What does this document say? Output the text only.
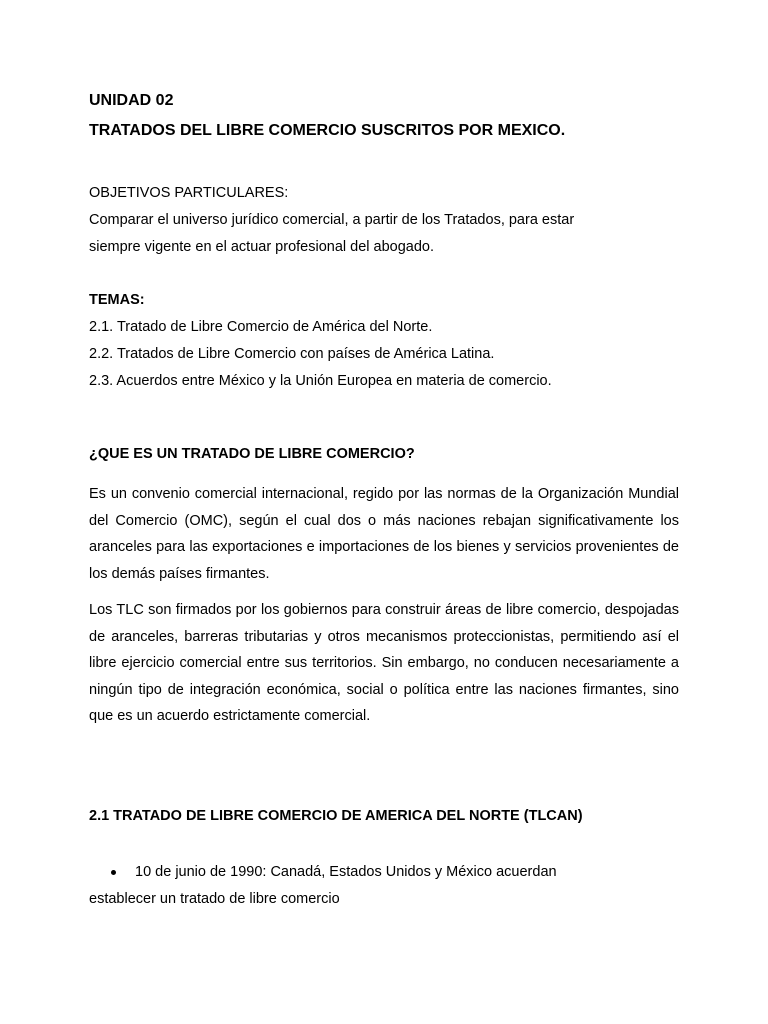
UNIDAD 02
TRATADOS DEL LIBRE COMERCIO SUSCRITOS POR MEXICO.
OBJETIVOS PARTICULARES:
Comparar el universo jurídico comercial, a partir de los Tratados, para estar
siempre vigente en el actuar profesional del abogado.
TEMAS:
2.1. Tratado de Libre Comercio de América del Norte.
2.2. Tratados de Libre Comercio con países de América Latina.
2.3. Acuerdos entre México y la Unión Europea en materia de comercio.
¿QUE ES UN TRATADO DE LIBRE COMERCIO?

Es un convenio comercial internacional, regido por las normas de la Organización Mundial del Comercio (OMC), según el cual dos o más naciones rebajan significativamente los aranceles para las exportaciones e importaciones de los bienes y servicios provenientes de los demás países firmantes.

Los TLC son firmados por los gobiernos para construir áreas de libre comercio, despojadas de aranceles, barreras tributarias y otros mecanismos proteccionistas, permitiendo así el libre ejercicio comercial entre sus territorios. Sin embargo, no conducen necesariamente a ningún tipo de integración económica, social o política entre las naciones firmantes, sino que es un acuerdo estrictamente comercial.

2.1 TRATADO DE LIBRE COMERCIO DE AMERICA DEL NORTE (TLCAN)
10 de junio de 1990: Canadá, Estados Unidos y México acuerdan
establecer un tratado de libre comercio
